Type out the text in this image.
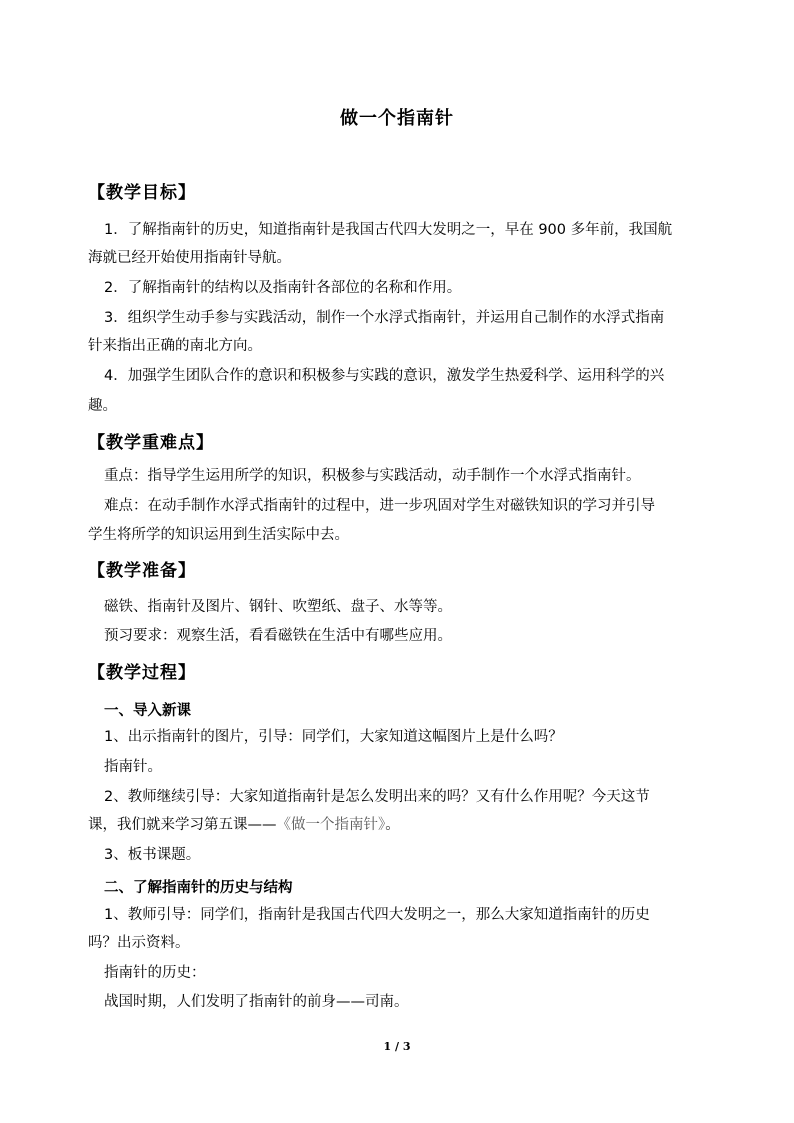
做一个指南针
【教学目标】
1．了解指南针的历史，知道指南针是我国古代四大发明之一，早在 900 多年前，我国航
海就已经开始使用指南针导航。
2．了解指南针的结构以及指南针各部位的名称和作用。
3．组织学生动手参与实践活动，制作一个水浮式指南针，并运用自己制作的水浮式指南
针来指出正确的南北方向。
4．加强学生团队合作的意识和积极参与实践的意识，激发学生热爱科学、运用科学的兴
趣。
【教学重难点】
重点：指导学生运用所学的知识，积极参与实践活动，动手制作一个水浮式指南针。
难点：在动手制作水浮式指南针的过程中，进一步巩固对学生对磁铁知识的学习并引导
学生将所学的知识运用到生活实际中去。
【教学准备】
磁铁、指南针及图片、钢针、吹塑纸、盘子、水等等。
预习要求：观察生活，看看磁铁在生活中有哪些应用。
【教学过程】
一、导入新课
1、出示指南针的图片，引导：同学们，大家知道这幅图片上是什么吗？
指南针。
2、教师继续引导：大家知道指南针是怎么发明出来的吗？又有什么作用呢？今天这节
课，我们就来学习第五课——《做一个指南针》。
3、板书课题。
二、了解指南针的历史与结构
1、教师引导：同学们，指南针是我国古代四大发明之一，那么大家知道指南针的历史
吗？出示资料。
指南针的历史：
战国时期，人们发明了指南针的前身——司南。
1 / 3
